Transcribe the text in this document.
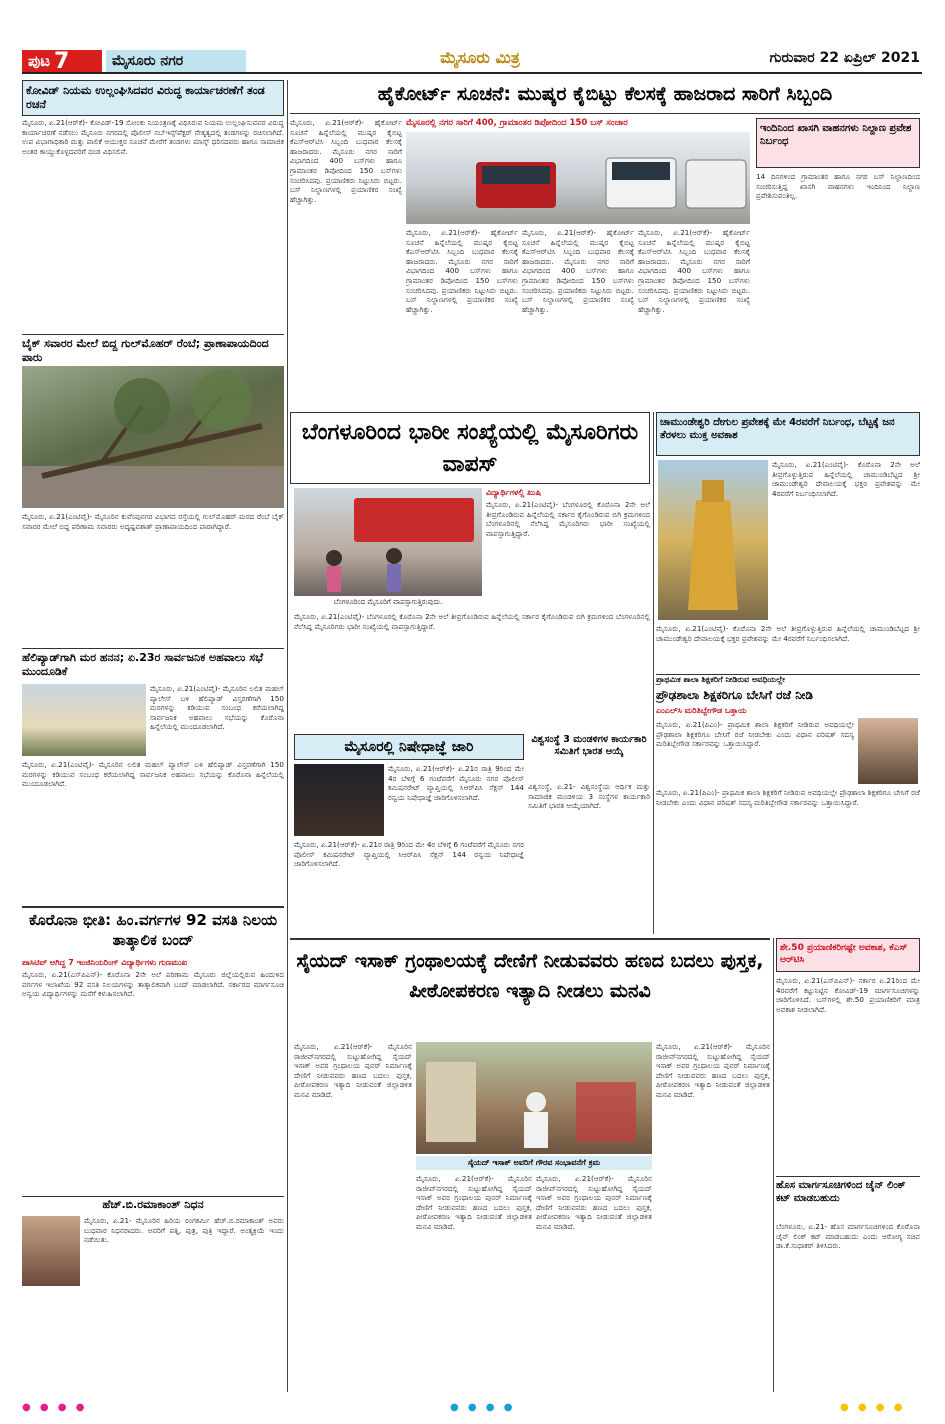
ಪುಟ 7	ಮೈಸೂರು ನಗರ	ಮೈಸೂರು ಮಿತ್ರ	ಗುರುವಾರ 22 ಏಪ್ರಿಲ್ 2021
ಕೋವಿಡ್ ನಿಯಮ ಉಲ್ಲಂಘಿಸಿದವರ ವಿರುದ್ಧ ಕಾರ್ಯಾಚರಣೆಗೆ ತಂಡ ರಚನೆ
ಮೈಸೂರು, ಏ.21(ಆರ್‌ಕೆ)- ಕೋವಿಡ್-19 ಸೋಂಕು ನಿಯಂತ್ರಣಕ್ಕೆ ವಿಧಿಸಿರುವ ನಿಯಮ ಉಲ್ಲಂಘಿಸುವವರ ವಿರುದ್ಧ ಕಾರ್ಯಾಚರಣೆ ನಡೆಸಲು ಮೈಸೂರು ನಗರದಲ್ಲಿ ಪೊಲೀಸ್ ಸಬ್‌ಇನ್ಸ್‌ಪೆಕ್ಟರ್ ನೇತೃತ್ವದಲ್ಲಿ ತಂಡಗಳನ್ನು ರಚಿಸಲಾಗಿದೆ. ಉಪ ವಿಭಾಗಾಧಿಕಾರಿ ಮತ್ತು ಪಾಲಿಕೆ ಆಯುಕ್ತರ ಸೂಚನೆ ಮೇರೆಗೆ ತಂಡಗಳು ಮಾಸ್ಕ್ ಧರಿಸದವರು ಹಾಗೂ ಸಾಮಾಜಿಕ ಅಂತರ ಕಾಯ್ದುಕೊಳ್ಳದವರಿಗೆ ದಂಡ ವಿಧಿಸಲಿವೆ.
ಬೈಕ್ ಸವಾರರ ಮೇಲೆ ಬಿದ್ದ ಗುಲ್‌ಮೊಹರ್ ರೆಂಬೆ; ಪ್ರಾಣಾಪಾಯದಿಂದ ಪಾರು
ಮೈಸೂರು, ಏ.21(ಎಂಟಿವೈ)- ಮೈಸೂರಿನ ಕುವೆಂಪುನಗರ ವಿಭಾಗದ ರಸ್ತೆಯಲ್ಲಿ ಗುಲ್‌ಮೊಹರ್ ಮರದ ರೆಂಬೆ ಬೈಕ್ ಸವಾರರ ಮೇಲೆ ಬಿದ್ದ ಪರಿಣಾಮ ಸವಾರರು ಅದೃಷ್ಟವಶಾತ್ ಪ್ರಾಣಾಪಾಯದಿಂದ ಪಾರಾಗಿದ್ದಾರೆ.
ಹೆಲಿಪ್ಯಾಡ್‌ಗಾಗಿ ಮರ ಹನನ; ಏ.23ರ ಸಾರ್ವಜನಿಕ ಅಹವಾಲು ಸಭೆ ಮುಂದೂಡಿಕೆ
ಮೈಸೂರು, ಏ.21(ಎಂಟಿವೈ)- ಮೈಸೂರಿನ ಲಲಿತ ಮಹಲ್ ಪ್ಯಾಲೇಸ್ ಬಳಿ ಹೆಲಿಪ್ಯಾಡ್ ವಿಸ್ತರಣೆಗಾಗಿ 150 ಮರಗಳನ್ನು ಕಡಿಯುವ ಸಂಬಂಧ ಕರೆಯಲಾಗಿದ್ದ ಸಾರ್ವಜನಿಕ ಅಹವಾಲು ಸಭೆಯನ್ನು ಕೊರೊನಾ ಹಿನ್ನೆಲೆಯಲ್ಲಿ ಮುಂದೂಡಲಾಗಿದೆ.
ಮೈಸೂರು, ಏ.21(ಎಂಟಿವೈ)- ಮೈಸೂರಿನ ಲಲಿತ ಮಹಲ್ ಪ್ಯಾಲೇಸ್ ಬಳಿ ಹೆಲಿಪ್ಯಾಡ್ ವಿಸ್ತರಣೆಗಾಗಿ 150 ಮರಗಳನ್ನು ಕಡಿಯುವ ಸಂಬಂಧ ಕರೆಯಲಾಗಿದ್ದ ಸಾರ್ವಜನಿಕ ಅಹವಾಲು ಸಭೆಯನ್ನು ಕೊರೊನಾ ಹಿನ್ನೆಲೆಯಲ್ಲಿ ಮುಂದೂಡಲಾಗಿದೆ.
ಕೊರೊನಾ ಭೀತಿ: ಹಿಂ.ವರ್ಗಗಳ 92 ವಸತಿ ನಿಲಯ ತಾತ್ಕಾಲಿಕ ಬಂದ್
ಪಾಸಿಟಿವ್ ಆಗಿದ್ದ 7 ಇಂಜಿನಿಯರಿಂಗ್ ವಿದ್ಯಾರ್ಥಿಗಳು ಗುಣಮುಖ
ಮೈಸೂರು, ಏ.21(ಎಸ್‌ಪಿಎನ್)- ಕೊರೊನಾ 2ನೇ ಅಲೆ ಪರಿಣಾಮ ಮೈಸೂರು ಜಿಲ್ಲೆಯಲ್ಲಿರುವ ಹಿಂದುಳಿದ ವರ್ಗಗಳ ಇಲಾಖೆಯ 92 ವಸತಿ ನಿಲಯಗಳನ್ನು ತಾತ್ಕಾಲಿಕವಾಗಿ ಬಂದ್ ಮಾಡಲಾಗಿದೆ. ಸರ್ಕಾರದ ಮಾರ್ಗಸೂಚಿ ಅನ್ವಯ ವಿದ್ಯಾರ್ಥಿಗಳನ್ನು ಮನೆಗೆ ಕಳುಹಿಸಲಾಗಿದೆ.
ಹೆಚ್.ಬಿ.ರಮಾಕಾಂತ್ ನಿಧನ
ಮೈಸೂರು, ಏ.21- ಮೈಸೂರಿನ ಹಿರಿಯ ರಂಗಕರ್ಮಿ ಹೆಚ್.ಬಿ.ರಮಾಕಾಂತ್ ಅವರು ಬುಧವಾರ ನಿಧನರಾದರು. ಅವರಿಗೆ ಪತ್ನಿ, ಪುತ್ರ, ಪುತ್ರಿ ಇದ್ದಾರೆ. ಅಂತ್ಯಕ್ರಿಯೆ ಇಂದು ನಡೆಯಿತು.
ಹೈಕೋರ್ಟ್ ಸೂಚನೆ: ಮುಷ್ಕರ ಕೈಬಿಟ್ಟು ಕೆಲಸಕ್ಕೆ ಹಾಜರಾದ ಸಾರಿಗೆ ಸಿಬ್ಬಂದಿ
ಮೈಸೂರು, ಏ.21(ಆರ್‌ಕೆ)- ಹೈಕೋರ್ಟ್ ಸೂಚನೆ ಹಿನ್ನೆಲೆಯಲ್ಲಿ ಮುಷ್ಕರ ಕೈಬಿಟ್ಟ ಕೆಎಸ್‌ಆರ್‌ಟಿಸಿ ಸಿಬ್ಬಂದಿ ಬುಧವಾರ ಕೆಲಸಕ್ಕೆ ಹಾಜರಾದರು. ಮೈಸೂರು ನಗರ ಸಾರಿಗೆ ವಿಭಾಗದಿಂದ 400 ಬಸ್‌ಗಳು ಹಾಗೂ ಗ್ರಾಮಾಂತರ ಡಿಪೋದಿಂದ 150 ಬಸ್‌ಗಳು ಸಂಚರಿಸಿದವು. ಪ್ರಯಾಣಿಕರು ನಿಟ್ಟುಸಿರು ಬಿಟ್ಟರು. ಬಸ್ ನಿಲ್ದಾಣಗಳಲ್ಲಿ ಪ್ರಯಾಣಿಕರ ಸಂಖ್ಯೆ ಹೆಚ್ಚಾಗಿತ್ತು.
ಮೈಸೂರಲ್ಲಿ ನಗರ ಸಾರಿಗೆ 400, ಗ್ರಾಮಾಂತರ ಡಿಪೋದಿಂದ 150 ಬಸ್ ಸಂಚಾರ
ಮೈಸೂರು, ಏ.21(ಆರ್‌ಕೆ)- ಹೈಕೋರ್ಟ್ ಸೂಚನೆ ಹಿನ್ನೆಲೆಯಲ್ಲಿ ಮುಷ್ಕರ ಕೈಬಿಟ್ಟ ಕೆಎಸ್‌ಆರ್‌ಟಿಸಿ ಸಿಬ್ಬಂದಿ ಬುಧವಾರ ಕೆಲಸಕ್ಕೆ ಹಾಜರಾದರು. ಮೈಸೂರು ನಗರ ಸಾರಿಗೆ ವಿಭಾಗದಿಂದ 400 ಬಸ್‌ಗಳು ಹಾಗೂ ಗ್ರಾಮಾಂತರ ಡಿಪೋದಿಂದ 150 ಬಸ್‌ಗಳು ಸಂಚರಿಸಿದವು. ಪ್ರಯಾಣಿಕರು ನಿಟ್ಟುಸಿರು ಬಿಟ್ಟರು. ಬಸ್ ನಿಲ್ದಾಣಗಳಲ್ಲಿ ಪ್ರಯಾಣಿಕರ ಸಂಖ್ಯೆ ಹೆಚ್ಚಾಗಿತ್ತು.
ಮೈಸೂರು, ಏ.21(ಆರ್‌ಕೆ)- ಹೈಕೋರ್ಟ್ ಸೂಚನೆ ಹಿನ್ನೆಲೆಯಲ್ಲಿ ಮುಷ್ಕರ ಕೈಬಿಟ್ಟ ಕೆಎಸ್‌ಆರ್‌ಟಿಸಿ ಸಿಬ್ಬಂದಿ ಬುಧವಾರ ಕೆಲಸಕ್ಕೆ ಹಾಜರಾದರು. ಮೈಸೂರು ನಗರ ಸಾರಿಗೆ ವಿಭಾಗದಿಂದ 400 ಬಸ್‌ಗಳು ಹಾಗೂ ಗ್ರಾಮಾಂತರ ಡಿಪೋದಿಂದ 150 ಬಸ್‌ಗಳು ಸಂಚರಿಸಿದವು. ಪ್ರಯಾಣಿಕರು ನಿಟ್ಟುಸಿರು ಬಿಟ್ಟರು. ಬಸ್ ನಿಲ್ದಾಣಗಳಲ್ಲಿ ಪ್ರಯಾಣಿಕರ ಸಂಖ್ಯೆ ಹೆಚ್ಚಾಗಿತ್ತು.
ಮೈಸೂರು, ಏ.21(ಆರ್‌ಕೆ)- ಹೈಕೋರ್ಟ್ ಸೂಚನೆ ಹಿನ್ನೆಲೆಯಲ್ಲಿ ಮುಷ್ಕರ ಕೈಬಿಟ್ಟ ಕೆಎಸ್‌ಆರ್‌ಟಿಸಿ ಸಿಬ್ಬಂದಿ ಬುಧವಾರ ಕೆಲಸಕ್ಕೆ ಹಾಜರಾದರು. ಮೈಸೂರು ನಗರ ಸಾರಿಗೆ ವಿಭಾಗದಿಂದ 400 ಬಸ್‌ಗಳು ಹಾಗೂ ಗ್ರಾಮಾಂತರ ಡಿಪೋದಿಂದ 150 ಬಸ್‌ಗಳು ಸಂಚರಿಸಿದವು. ಪ್ರಯಾಣಿಕರು ನಿಟ್ಟುಸಿರು ಬಿಟ್ಟರು. ಬಸ್ ನಿಲ್ದಾಣಗಳಲ್ಲಿ ಪ್ರಯಾಣಿಕರ ಸಂಖ್ಯೆ ಹೆಚ್ಚಾಗಿತ್ತು.
ಇಂದಿನಿಂದ ಖಾಸಗಿ ವಾಹನಗಳು ನಿಲ್ದಾಣ ಪ್ರವೇಶ ನಿರ್ಬಂಧ
14 ದಿನಗಳಿಂದ ಗ್ರಾಮಾಂತರ ಹಾಗೂ ನಗರ ಬಸ್ ನಿಲ್ದಾಣದಿಂದ ಸಂಚರಿಸುತ್ತಿದ್ದ ಖಾಸಗಿ ವಾಹನಗಳು ಇಂದಿನಿಂದ ನಿಲ್ದಾಣ ಪ್ರವೇಶಿಸುವಂತಿಲ್ಲ.
ಬೆಂಗಳೂರಿಂದ ಭಾರೀ ಸಂಖ್ಯೆಯಲ್ಲಿ ಮೈಸೂರಿಗರು ವಾಪಸ್
ಬೆಂಗಳೂರಿಂದ ಮೈಸೂರಿಗೆ ವಾಪಸ್ಸಾಗುತ್ತಿರುವುದು.
ವಿದ್ಯಾರ್ಥಿಗಳಲ್ಲಿ ಖುಷಿ
ಮೈಸೂರು, ಏ.21(ಎಂಟಿವೈ)- ಬೆಂಗಳೂರಲ್ಲಿ ಕೊರೊನಾ 2ನೇ ಅಲೆ ತೀವ್ರಗೊಂಡಿರುವ ಹಿನ್ನೆಲೆಯಲ್ಲಿ ಸರ್ಕಾರ ಕೈಗೊಂಡಿರುವ ಬಿಗಿ ಕ್ರಮಗಳಿಂದ ಬೆಂಗಳೂರಿನಲ್ಲಿ ನೆಲೆಸಿದ್ದ ಮೈಸೂರಿಗರು ಭಾರೀ ಸಂಖ್ಯೆಯಲ್ಲಿ ವಾಪಸ್ಸಾಗುತ್ತಿದ್ದಾರೆ.
ಮೈಸೂರು, ಏ.21(ಎಂಟಿವೈ)- ಬೆಂಗಳೂರಲ್ಲಿ ಕೊರೊನಾ 2ನೇ ಅಲೆ ತೀವ್ರಗೊಂಡಿರುವ ಹಿನ್ನೆಲೆಯಲ್ಲಿ ಸರ್ಕಾರ ಕೈಗೊಂಡಿರುವ ಬಿಗಿ ಕ್ರಮಗಳಿಂದ ಬೆಂಗಳೂರಿನಲ್ಲಿ ನೆಲೆಸಿದ್ದ ಮೈಸೂರಿಗರು ಭಾರೀ ಸಂಖ್ಯೆಯಲ್ಲಿ ವಾಪಸ್ಸಾಗುತ್ತಿದ್ದಾರೆ.
ಚಾಮುಂಡೇಶ್ವರಿ ದೇಗುಲ ಪ್ರವೇಶಕ್ಕೆ ಮೇ 4ರವರೆಗೆ ನಿರ್ಬಂಧ, ಬೆಟ್ಟಕ್ಕೆ ಜನ ತೆರಳಲು ಮುಕ್ತ ಅವಕಾಶ
ಮೈಸೂರು, ಏ.21(ಎಂಟಿವೈ)- ಕೊರೊನಾ 2ನೇ ಅಲೆ ತೀವ್ರಗೊಳ್ಳುತ್ತಿರುವ ಹಿನ್ನೆಲೆಯಲ್ಲಿ ಚಾಮುಂಡಿಬೆಟ್ಟದ ಶ್ರೀ ಚಾಮುಂಡೇಶ್ವರಿ ದೇವಾಲಯಕ್ಕೆ ಭಕ್ತರ ಪ್ರವೇಶವನ್ನು ಮೇ 4ರವರೆಗೆ ನಿರ್ಬಂಧಿಸಲಾಗಿದೆ.
ಮೈಸೂರು, ಏ.21(ಎಂಟಿವೈ)- ಕೊರೊನಾ 2ನೇ ಅಲೆ ತೀವ್ರಗೊಳ್ಳುತ್ತಿರುವ ಹಿನ್ನೆಲೆಯಲ್ಲಿ ಚಾಮುಂಡಿಬೆಟ್ಟದ ಶ್ರೀ ಚಾಮುಂಡೇಶ್ವರಿ ದೇವಾಲಯಕ್ಕೆ ಭಕ್ತರ ಪ್ರವೇಶವನ್ನು ಮೇ 4ರವರೆಗೆ ನಿರ್ಬಂಧಿಸಲಾಗಿದೆ.
ಪ್ರಾಥಮಿಕ ಶಾಲಾ ಶಿಕ್ಷಕರಿಗೆ ನೀಡಿರುವ ಅವಧಿಯಲ್ಲೇ
ಪ್ರೌಢಶಾಲಾ ಶಿಕ್ಷಕರಿಗೂ ಬೇಸಿಗೆ ರಜೆ ನೀಡಿ
ಎಂಎಲ್‌ಸಿ ಮರಿತಿಬ್ಬೇಗೌಡ ಒತ್ತಾಯ
ಮೈಸೂರು, ಏ.21(ಪಿಎಂ)- ಪ್ರಾಥಮಿಕ ಶಾಲಾ ಶಿಕ್ಷಕರಿಗೆ ನೀಡಿರುವ ಅವಧಿಯಲ್ಲೇ ಪ್ರೌಢಶಾಲಾ ಶಿಕ್ಷಕರಿಗೂ ಬೇಸಿಗೆ ರಜೆ ನೀಡಬೇಕು ಎಂದು ವಿಧಾನ ಪರಿಷತ್ ಸದಸ್ಯ ಮರಿತಿಬ್ಬೇಗೌಡ ಸರ್ಕಾರವನ್ನು ಒತ್ತಾಯಿಸಿದ್ದಾರೆ.
ಮೈಸೂರು, ಏ.21(ಪಿಎಂ)- ಪ್ರಾಥಮಿಕ ಶಾಲಾ ಶಿಕ್ಷಕರಿಗೆ ನೀಡಿರುವ ಅವಧಿಯಲ್ಲೇ ಪ್ರೌಢಶಾಲಾ ಶಿಕ್ಷಕರಿಗೂ ಬೇಸಿಗೆ ರಜೆ ನೀಡಬೇಕು ಎಂದು ವಿಧಾನ ಪರಿಷತ್ ಸದಸ್ಯ ಮರಿತಿಬ್ಬೇಗೌಡ ಸರ್ಕಾರವನ್ನು ಒತ್ತಾಯಿಸಿದ್ದಾರೆ.
ಮೈಸೂರಲ್ಲಿ ನಿಷೇಧಾಜ್ಞೆ ಜಾರಿ
ಮೈಸೂರು, ಏ.21(ಆರ್‌ಕೆ)- ಏ.21ರ ರಾತ್ರಿ 9ರಿಂದ ಮೇ 4ರ ಬೆಳಿಗ್ಗೆ 6 ಗಂಟೆವರೆಗೆ ಮೈಸೂರು ನಗರ ಪೊಲೀಸ್ ಕಮಿಷನರೇಟ್ ವ್ಯಾಪ್ತಿಯಲ್ಲಿ ಸಿಆರ್‌ಪಿಸಿ ಸೆಕ್ಷನ್ 144 ರನ್ವಯ ನಿಷೇಧಾಜ್ಞೆ ಜಾರಿಗೊಳಿಸಲಾಗಿದೆ.
ಮೈಸೂರು, ಏ.21(ಆರ್‌ಕೆ)- ಏ.21ರ ರಾತ್ರಿ 9ರಿಂದ ಮೇ 4ರ ಬೆಳಿಗ್ಗೆ 6 ಗಂಟೆವರೆಗೆ ಮೈಸೂರು ನಗರ ಪೊಲೀಸ್ ಕಮಿಷನರೇಟ್ ವ್ಯಾಪ್ತಿಯಲ್ಲಿ ಸಿಆರ್‌ಪಿಸಿ ಸೆಕ್ಷನ್ 144 ರನ್ವಯ ನಿಷೇಧಾಜ್ಞೆ ಜಾರಿಗೊಳಿಸಲಾಗಿದೆ.
ವಿಶ್ವಸಂಸ್ಥೆ 3 ಮಂಡಳಿಗಳ ಕಾರ್ಯಕಾರಿ ಸಮಿತಿಗೆ ಭಾರತ ಆಯ್ಕೆ
ವಿಶ್ವಸಂಸ್ಥೆ, ಏ.21- ವಿಶ್ವಸಂಸ್ಥೆಯ ಆರ್ಥಿಕ ಮತ್ತು ಸಾಮಾಜಿಕ ಮಂಡಳಿಯ 3 ಸಂಸ್ಥೆಗಳ ಕಾರ್ಯಕಾರಿ ಸಮಿತಿಗೆ ಭಾರತ ಆಯ್ಕೆಯಾಗಿದೆ.
ಸೈಯದ್ ಇಸಾಕ್ ಗ್ರಂಥಾಲಯಕ್ಕೆ ದೇಣಿಗೆ ನೀಡುವವರು ಹಣದ ಬದಲು ಪುಸ್ತಕ, ಪೀಠೋಪಕರಣ ಇತ್ಯಾದಿ ನೀಡಲು ಮನವಿ
ಮೈಸೂರು, ಏ.21(ಆರ್‌ಕೆ)- ಮೈಸೂರಿನ ರಾಜೀವ್‌ನಗರದಲ್ಲಿ ಸುಟ್ಟುಹೋಗಿದ್ದ ಸೈಯದ್ ಇಸಾಕ್ ಅವರ ಗ್ರಂಥಾಲಯ ಪುನರ್ ನಿರ್ಮಾಣಕ್ಕೆ ದೇಣಿಗೆ ನೀಡುವವರು ಹಣದ ಬದಲು ಪುಸ್ತಕ, ಪೀಠೋಪಕರಣ ಇತ್ಯಾದಿ ನೀಡುವಂತೆ ಜಿಲ್ಲಾಡಳಿತ ಮನವಿ ಮಾಡಿದೆ.
ಸೈಯದ್ ಇಸಾಕ್ ಅವರಿಗೆ ಗೌರವ ಸಂಭಾವನೆಗೆ ಕ್ರಮ
ಮೈಸೂರು, ಏ.21(ಆರ್‌ಕೆ)- ಮೈಸೂರಿನ ರಾಜೀವ್‌ನಗರದಲ್ಲಿ ಸುಟ್ಟುಹೋಗಿದ್ದ ಸೈಯದ್ ಇಸಾಕ್ ಅವರ ಗ್ರಂಥಾಲಯ ಪುನರ್ ನಿರ್ಮಾಣಕ್ಕೆ ದೇಣಿಗೆ ನೀಡುವವರು ಹಣದ ಬದಲು ಪುಸ್ತಕ, ಪೀಠೋಪಕರಣ ಇತ್ಯಾದಿ ನೀಡುವಂತೆ ಜಿಲ್ಲಾಡಳಿತ ಮನವಿ ಮಾಡಿದೆ.
ಮೈಸೂರು, ಏ.21(ಆರ್‌ಕೆ)- ಮೈಸೂರಿನ ರಾಜೀವ್‌ನಗರದಲ್ಲಿ ಸುಟ್ಟುಹೋಗಿದ್ದ ಸೈಯದ್ ಇಸಾಕ್ ಅವರ ಗ್ರಂಥಾಲಯ ಪುನರ್ ನಿರ್ಮಾಣಕ್ಕೆ ದೇಣಿಗೆ ನೀಡುವವರು ಹಣದ ಬದಲು ಪುಸ್ತಕ, ಪೀಠೋಪಕರಣ ಇತ್ಯಾದಿ ನೀಡುವಂತೆ ಜಿಲ್ಲಾಡಳಿತ ಮನವಿ ಮಾಡಿದೆ.
ಮೈಸೂರು, ಏ.21(ಆರ್‌ಕೆ)- ಮೈಸೂರಿನ ರಾಜೀವ್‌ನಗರದಲ್ಲಿ ಸುಟ್ಟುಹೋಗಿದ್ದ ಸೈಯದ್ ಇಸಾಕ್ ಅವರ ಗ್ರಂಥಾಲಯ ಪುನರ್ ನಿರ್ಮಾಣಕ್ಕೆ ದೇಣಿಗೆ ನೀಡುವವರು ಹಣದ ಬದಲು ಪುಸ್ತಕ, ಪೀಠೋಪಕರಣ ಇತ್ಯಾದಿ ನೀಡುವಂತೆ ಜಿಲ್ಲಾಡಳಿತ ಮನವಿ ಮಾಡಿದೆ.
ಶೇ.50 ಪ್ರಯಾಣಿಕರಿಗಷ್ಟೇ ಅವಕಾಶ, ಕೆಎಸ್ ಆರ್‌ಟಿಸಿ
ಮೈಸೂರು, ಏ.21(ಎಸ್‌ಪಿಎನ್)- ಸರ್ಕಾರ ಏ.21ರಿಂದ ಮೇ 4ರವರೆಗೆ ಕಟ್ಟುನಿಟ್ಟಿನ ಕೋವಿಡ್-19 ಮಾರ್ಗಸೂಚಿಗಳನ್ನು ಜಾರಿಗೊಳಿಸಿದೆ. ಬಸ್‌ಗಳಲ್ಲಿ ಶೇ.50 ಪ್ರಯಾಣಿಕರಿಗೆ ಮಾತ್ರ ಅವಕಾಶ ನೀಡಲಾಗಿದೆ.
ಹೊಸ ಮಾರ್ಗಸೂಚಿಗಳಿಂದ ಚೈನ್ ಲಿಂಕ್ ಕಟ್ ಮಾಡಬಹುದು
ಬೆಂಗಳೂರು, ಏ.21- ಹೊಸ ಮಾರ್ಗಸೂಚಿಗಳಿಂದ ಕೊರೊನಾ ಚೈನ್ ಲಿಂಕ್ ಕಟ್ ಮಾಡಬಹುದು ಎಂದು ಆರೋಗ್ಯ ಸಚಿವ ಡಾ.ಕೆ.ಸುಧಾಕರ್ ತಿಳಿಸಿದರು.
● ● ● ●	● ● ● ●	● ● ● ●
